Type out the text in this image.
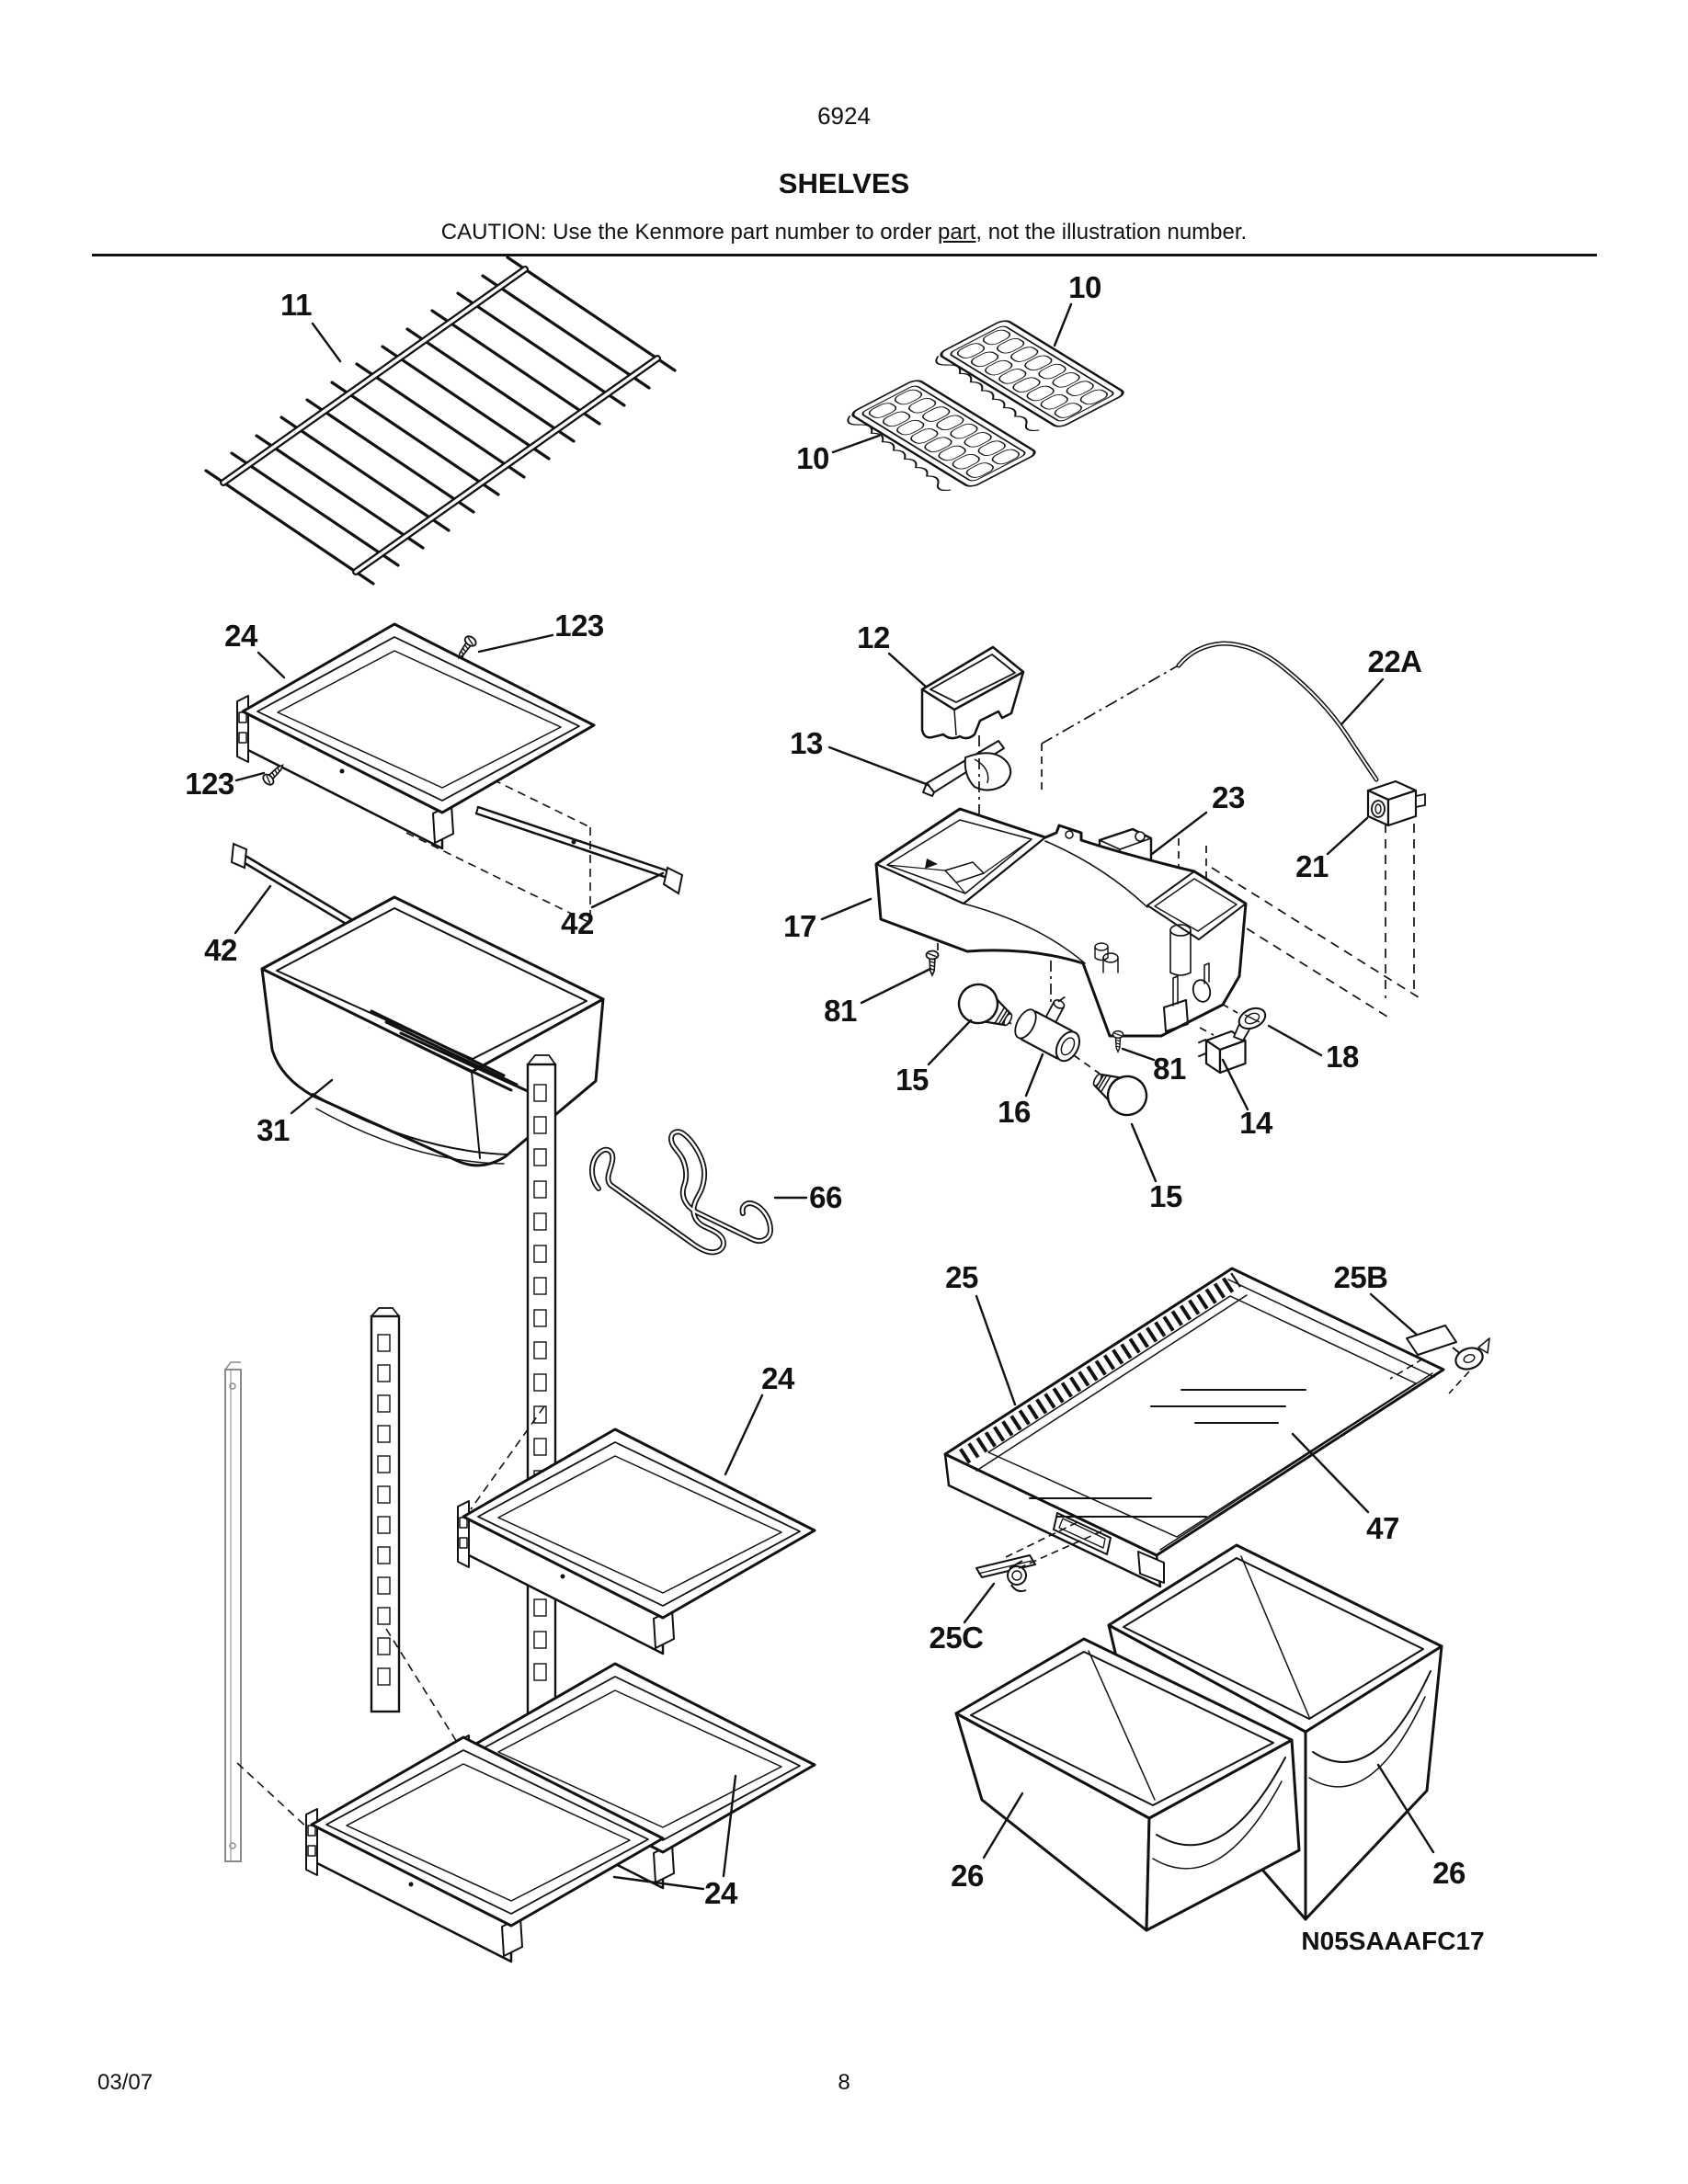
6924
SHELVES
CAUTION: Use the Kenmore part number to order part, not the illustration number.
11
10
10
24	123
123
42
42
31
12
13
22A
23
21
17
81
15
16
81
15
14
18
66
24
24
25	25B
47
25C
26	26
N05SAAAFC17
03/07	8
